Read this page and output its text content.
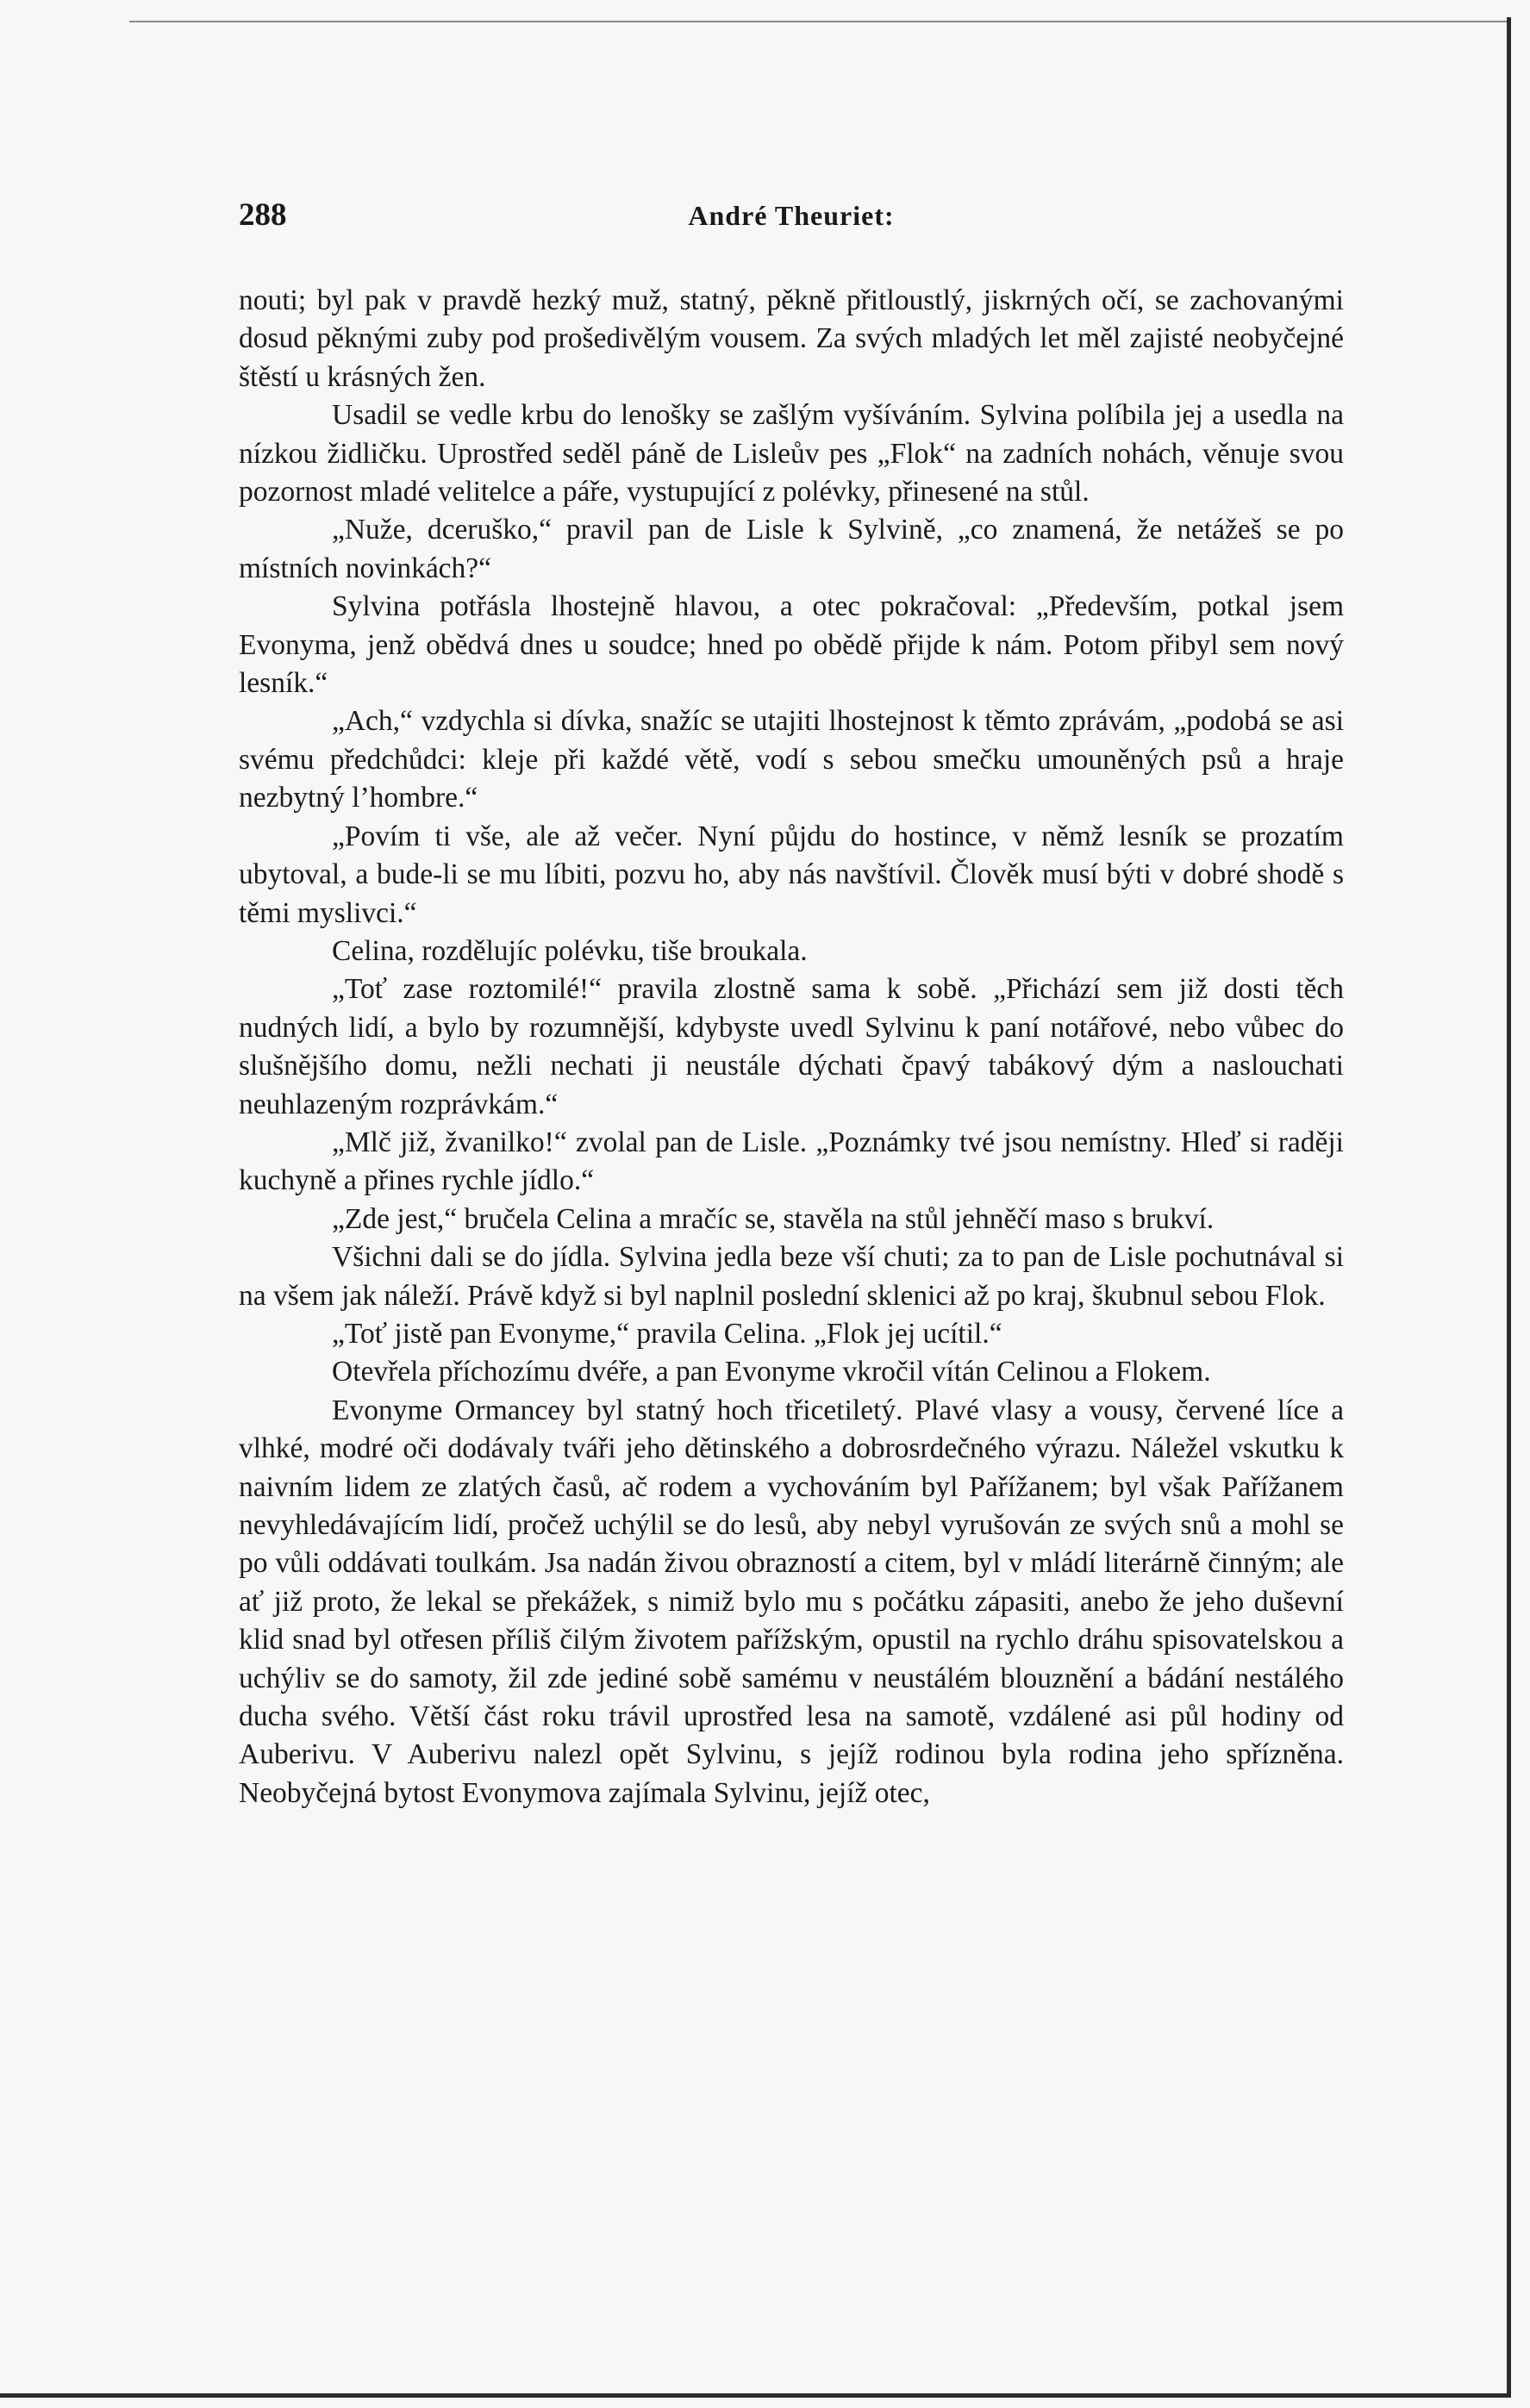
288	André Theuriet:

nouti; byl pak v pravdě hezký muž, statný, pěkně přitloustlý, jiskrných očí, se zachovanými dosud pěknými zuby pod prošedivělým vousem. Za svých mladých let měl zajisté neobyčejné štěstí u krásných žen.

Usadil se vedle krbu do lenošky se zašlým vyšíváním. Sylvina políbila jej a usedla na nízkou židličku. Uprostřed seděl páně de Lisleův pes „Flok“ na zadních nohách, věnuje svou pozornost mladé velitelce a páře, vystupující z polévky, přinesené na stůl.

„Nuže, dceruško,“ pravil pan de Lisle k Sylvině, „co znamená, že netážeš se po místních novinkách?“

Sylvina potřásla lhostejně hlavou, a otec pokračoval: „Především, potkal jsem Evonyma, jenž obědvá dnes u soudce; hned po obědě přijde k nám. Potom přibyl sem nový lesník.“

„Ach,“ vzdychla si dívka, snažíc se utajiti lhostejnost k těmto zprávám, „podobá se asi svému předchůdci: kleje při každé větě, vodí s sebou smečku umouněných psů a hraje nezbytný l’hombre.“

„Povím ti vše, ale až večer. Nyní půjdu do hostince, v němž lesník se prozatím ubytoval, a bude-li se mu líbiti, pozvu ho, aby nás navštívil. Člověk musí býti v dobré shodě s těmi myslivci.“

Celina, rozdělujíc polévku, tiše broukala.

„Toť zase roztomilé!“ pravila zlostně sama k sobě. „Přichází sem již dosti těch nudných lidí, a bylo by rozumnější, kdybyste uvedl Sylvinu k paní notářové, nebo vůbec do slušnějšího domu, nežli nechati ji neustále dýchati čpavý tabákový dým a naslouchati neuhlazeným rozprávkám.“

„Mlč již, žvanilko!“ zvolal pan de Lisle. „Poznámky tvé jsou nemístny. Hleď si raději kuchyně a přines rychle jídlo.“

„Zde jest,“ bručela Celina a mračíc se, stavěla na stůl jehněčí maso s brukví.

Všichni dali se do jídla. Sylvina jedla beze vší chuti; za to pan de Lisle pochutnával si na všem jak náleží. Právě když si byl naplnil poslední sklenici až po kraj, škubnul sebou Flok.

„Toť jistě pan Evonyme,“ pravila Celina. „Flok jej ucítil.“

Otevřela příchozímu dvéře, a pan Evonyme vkročil vítán Celinou a Flokem.

Evonyme Ormancey byl statný hoch třicetiletý. Plavé vlasy a vousy, červené líce a vlhké, modré oči dodávaly tváři jeho dětinského a dobrosrdečného výrazu. Náležel vskutku k naivním lidem ze zlatých časů, ač rodem a vychováním byl Pařížanem; byl však Pařížanem nevyhledávajícím lidí, pročež uchýlil se do lesů, aby nebyl vyrušován ze svých snů a mohl se po vůli oddávati toulkám. Jsa nadán živou obrazností a citem, byl v mládí literárně činným; ale ať již proto, že lekal se překážek, s nimiž bylo mu s počátku zápasiti, anebo že jeho duševní klid snad byl otřesen příliš čilým životem pařížským, opustil na rychlo dráhu spisovatelskou a uchýliv se do samoty, žil zde jediné sobě samému v neustálém blouznění a bádání nestálého ducha svého. Větší část roku trávil uprostřed lesa na samotě, vzdálené asi půl hodiny od Auberivu. V Auberivu nalezl opět Sylvinu, s jejíž rodinou byla rodina jeho spřízněna. Neobyčejná bytost Evonymova zajímala Sylvinu, jejíž otec,
